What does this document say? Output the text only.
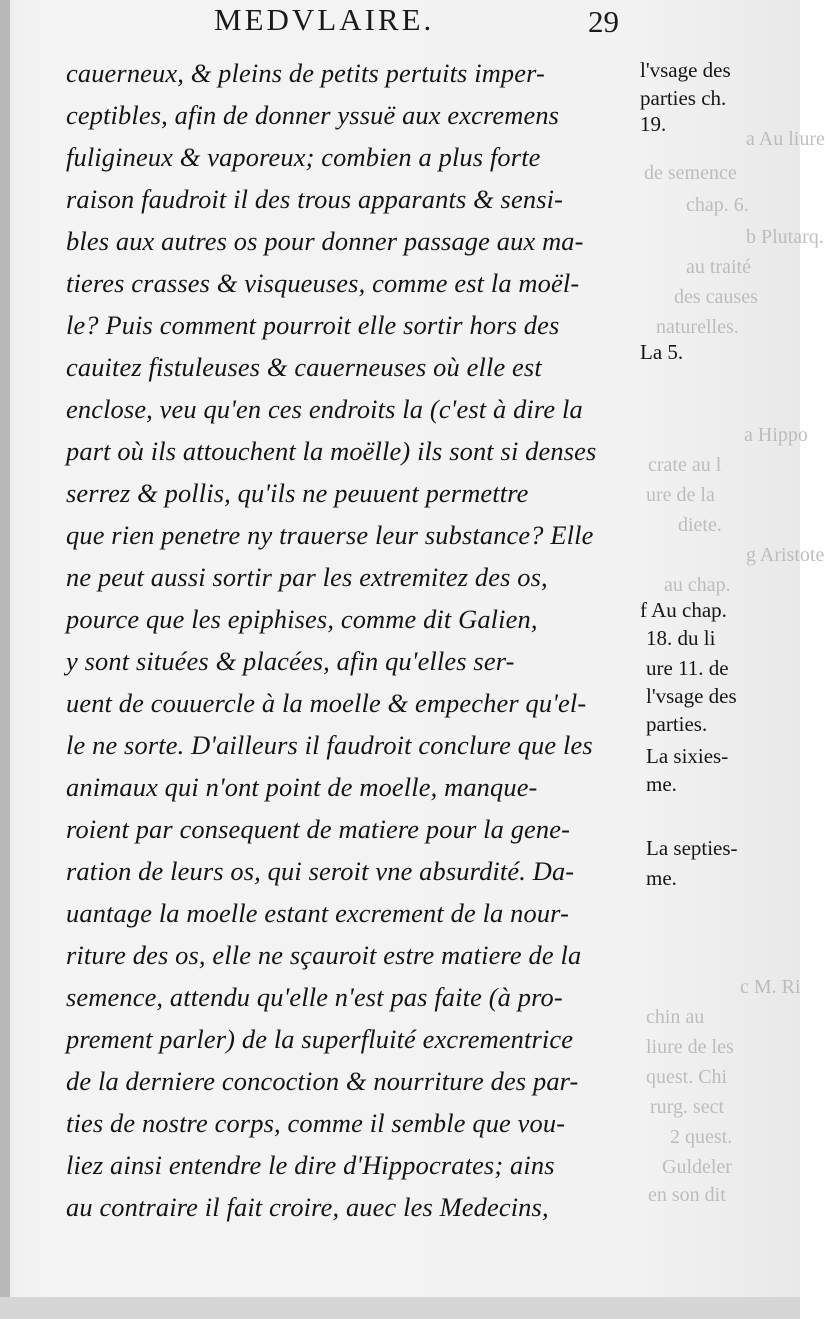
MEDVLAIRE.	29
a Au liure
de semence
chap. 6.
b Plutarq.
au traité
des causes
naturelles.
a Hippo
crate au l
ure de la
diete.
g Aristote
au chap.
c M. Ri
chin au
liure de les
quest. Chi
rurg. sect
2 quest.
Guldeler
en son dit
cauerneux, & pleins de petits pertuits imper-
ceptibles, afin de donner yssuë aux excremens
fuligineux & vaporeux; combien a plus forte
raison faudroit il des trous apparants & sensi-
bles aux autres os pour donner passage aux ma-
tieres crasses & visqueuses, comme est la moël-
le? Puis comment pourroit elle sortir hors des
cauitez fistuleuses & cauerneuses où elle est
enclose, veu qu'en ces endroits la (c'est à dire la
part où ils attouchent la moëlle) ils sont si denses
serrez & pollis, qu'ils ne peuuent permettre
que rien penetre ny trauerse leur substance? Elle
ne peut aussi sortir par les extremitez des os,
pource que les epiphises, comme dit Galien,
y sont situées & placées, afin qu'elles ser-
uent de couuercle à la moelle & empecher qu'el-
le ne sorte. D'ailleurs il faudroit conclure que les
animaux qui n'ont point de moelle, manque-
roient par consequent de matiere pour la gene-
ration de leurs os, qui seroit vne absurdité. Da-
uantage la moelle estant excrement de la nour-
riture des os, elle ne sçauroit estre matiere de la
semence, attendu qu'elle n'est pas faite (à pro-
prement parler) de la superfluité excrementrice
de la derniere concoction & nourriture des par-
ties de nostre corps, comme il semble que vou-
liez ainsi entendre le dire d'Hippocrates; ains
au contraire il fait croire, auec les Medecins,
l'vsage des
parties ch.
19.
La 5.
f Au chap.
18. du li
ure 11. de
l'vsage des
parties.
La sixies-
me.
La septies-
me.
